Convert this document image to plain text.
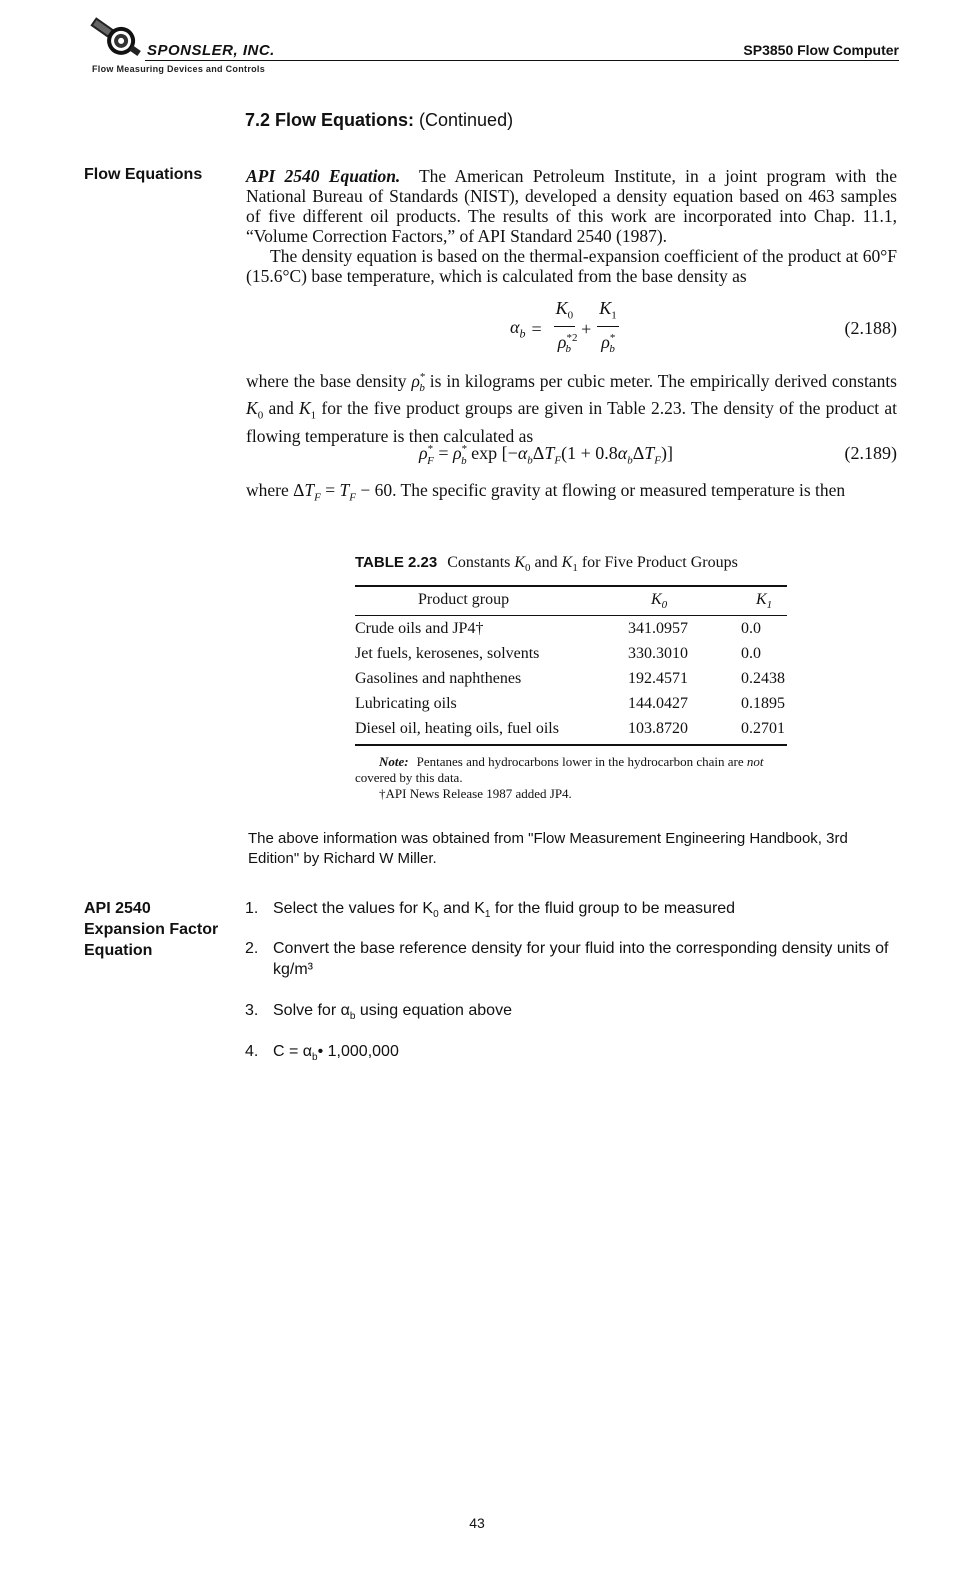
SPONSLER, INC.
Flow Measuring Devices and Controls
SP3850 Flow Computer
7.2 Flow Equations: (Continued)
Flow Equations
API 2540
Expansion Factor
Equation
API 2540 Equation. The American Petroleum Institute, in a joint program with the National Bureau of Standards (NIST), developed a density equation based on 463 samples of five different oil products. The results of this work are incorporated into Chap. 11.1, “Volume Correction Factors,” of API Standard 2540 (1987).
The density equation is based on the thermal-expansion coefficient of the product at 60°F (15.6°C) base temperature, which is calculated from the base density as
$\alpha_b = \frac{K_0}{\rho^{*2}_b} + \frac{K_1}{\rho^*_b}$	(2.188)
where the base density $\rho^*_b$ is in kilograms per cubic meter. The empirically derived constants $K_0$ and $K_1$ for the five product groups are given in Table 2.23. The density of the product at flowing temperature is then calculated as
$\rho^*_F = \rho^*_b$ $\exp [-\alpha_b\Delta T_F(1 + 0.8\alpha_b\Delta T_F)]$	(2.189)
where $\Delta T_F = T_F - 60$. The specific gravity at flowing or measured temperature is then
TABLE 2.23 Constants $K_0$ and $K_1$ for Five Product Groups
Product group	$K_0$	$K_1$
Crude oils and JP4†	341.0957	0.0
Jet fuels, kerosenes, solvents	330.3010	0.0
Gasolines and naphthenes	192.4571	0.2438
Lubricating oils	144.0427	0.1895
Diesel oil, heating oils, fuel oils	103.8720	0.2701
Note: Pentanes and hydrocarbons lower in the hydrocarbon chain are not covered by this data.
†API News Release 1987 added JP4.
The above information was obtained from "Flow Measurement Engineering Handbook, 3rd Edition" by Richard W Miller.
1. Select the values for $K_0$ and $K_1$ for the fluid group to be measured
2. Convert the base reference density for your fluid into the corresponding density units of kg/m³
3. Solve for $\alpha_b$ using equation above
4. $C = \alpha_b•$ 1,000,000
43
